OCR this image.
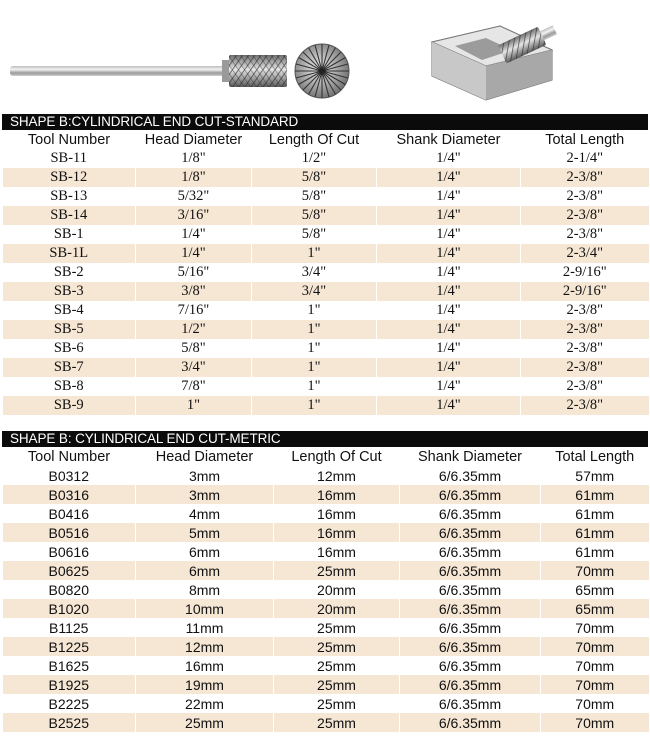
SHAPE B:CYLINDRICAL END CUT-STANDARD
Tool Number	Head Diameter	Length Of Cut	Shank Diameter	Total Length
SB-11	1/8"	1/2"	1/4"	2-1/4"
SB-12	1/8"	5/8"	1/4"	2-3/8"
SB-13	5/32"	5/8"	1/4"	2-3/8"
SB-14	3/16"	5/8"	1/4"	2-3/8"
SB-1	1/4"	5/8"	1/4"	2-3/8"
SB-1L	1/4"	1"	1/4"	2-3/4"
SB-2	5/16"	3/4"	1/4"	2-9/16"
SB-3	3/8"	3/4"	1/4"	2-9/16"
SB-4	7/16"	1"	1/4"	2-3/8"
SB-5	1/2"	1"	1/4"	2-3/8"
SB-6	5/8"	1"	1/4"	2-3/8"
SB-7	3/4"	1"	1/4"	2-3/8"
SB-8	7/8"	1"	1/4"	2-3/8"
SB-9	1"	1"	1/4"	2-3/8"
SHAPE B: CYLINDRICAL END CUT-METRIC
Tool Number	Head Diameter	Length Of Cut	Shank Diameter	Total Length
B0312	3mm	12mm	6/6.35mm	57mm
B0316	3mm	16mm	6/6.35mm	61mm
B0416	4mm	16mm	6/6.35mm	61mm
B0516	5mm	16mm	6/6.35mm	61mm
B0616	6mm	16mm	6/6.35mm	61mm
B0625	6mm	25mm	6/6.35mm	70mm
B0820	8mm	20mm	6/6.35mm	65mm
B1020	10mm	20mm	6/6.35mm	65mm
B1125	11mm	25mm	6/6.35mm	70mm
B1225	12mm	25mm	6/6.35mm	70mm
B1625	16mm	25mm	6/6.35mm	70mm
B1925	19mm	25mm	6/6.35mm	70mm
B2225	22mm	25mm	6/6.35mm	70mm
B2525	25mm	25mm	6/6.35mm	70mm
